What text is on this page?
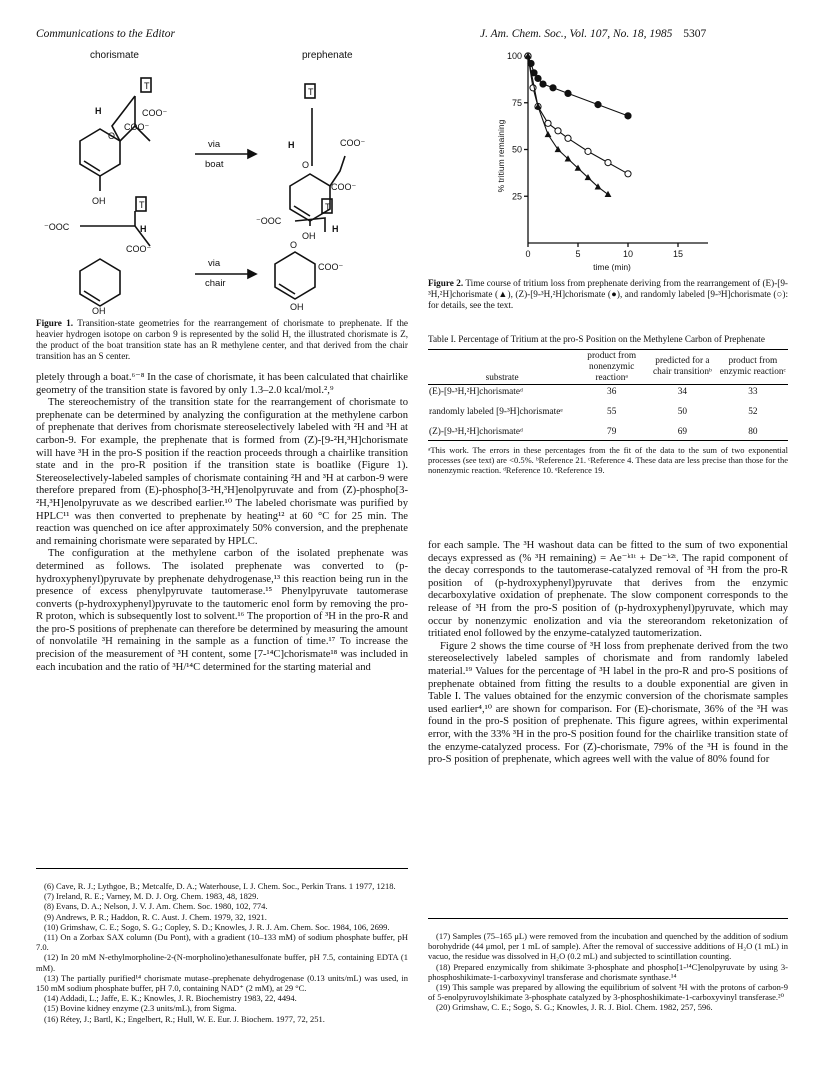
Communications to the Editor	J. Am. Chem. Soc., Vol. 107, No. 18, 1985 5307
chorismate	prephenate
T
H	COO⁻
COO⁻
O
OH
via
boat
T
H	COO⁻
COO⁻
O
OH
T
⁻OOC	H
COO⁻
OH
via
chair
T
⁻OOC
H
O
COO⁻
OH
Figure 1. Transition-state geometries for the rearrangement of chorismate to prephenate. If the heavier hydrogen isotope on carbon 9 is represented by the solid H, the illustrated chorismate is Z, the product of the boat transition state has an R methylene center, and that derived from the chair transition has an S center.

pletely through a boat.⁶⁻⁸ In the case of chorismate, it has been calculated that chairlike geometry of the transition state is favored by only 1.3–2.0 kcal/mol.²,⁹

The stereochemistry of the transition state for the rearrangement of chorismate to prephenate can be determined by analyzing the configuration at the methylene carbon of prephenate that derives from chorismate stereoselectively labeled with ²H and ³H at carbon-9. For example, the prephenate that is formed from (Z)-[9-²H,³H]chorismate will have ³H in the pro-S position if the reaction proceeds through a chairlike transition state and in the pro-R position if the transition state is boatlike (Figure 1). Stereoselectively-labeled samples of chorismate containing ²H and ³H at carbon-9 were therefore prepared from (E)-phospho[3-²H,³H]enolpyruvate and from (Z)-phospho[3-²H,³H]enolpyruvate as we described earlier.¹⁰ The labeled chorismate was purified by HPLC¹¹ was then converted to prephenate by heating¹² at 60 °C for 25 min. The reaction was quenched on ice after approximately 50% conversion, and the prephenate and remaining chorismate were separated by HPLC.

The configuration at the methylene carbon of the isolated prephenate was determined as follows. The isolated prephenate was converted to (p-hydroxyphenyl)pyruvate by prephenate dehydrogenase,¹³ this reaction being run in the presence of excess phenylpyruvate tautomerase.¹⁵ Phenylpyruvate tautomerase converts (p-hydroxyphenyl)pyruvate to the tautomeric enol form by removing the pro-R proton, which is subsequently lost to solvent.¹⁶ The proportion of ³H in the pro-R and the pro-S positions of prephenate can therefore be determined by measuring the amount of nonvolatile ³H remaining in the sample as a function of time.¹⁷ To increase the precision of the measurement of ³H content, some [7-¹⁴C]chorismate¹⁸ was included in each incubation and the ratio of ³H/¹⁴C determined for the starting material and

(6) Cave, R. J.; Lythgoe, B.; Metcalfe, D. A.; Waterhouse, I. J. Chem. Soc., Perkin Trans. 1 1977, 1218.

(7) Ireland, R. E.; Varney, M. D. J. Org. Chem. 1983, 48, 1829.

(8) Evans, D. A.; Nelson, J. V. J. Am. Chem. Soc. 1980, 102, 774.

(9) Andrews, P. R.; Haddon, R. C. Aust. J. Chem. 1979, 32, 1921.

(10) Grimshaw, C. E.; Sogo, S. G.; Copley, S. D.; Knowles, J. R. J. Am. Chem. Soc. 1984, 106, 2699.

(11) On a Zorbax SAX column (Du Pont), with a gradient (10–133 mM) of sodium phosphate buffer, pH 7.0.

(12) In 20 mM N-ethylmorpholine-2-(N-morpholino)ethanesulfonate buffer, pH 7.5, containing EDTA (1 mM).

(13) The partially purified¹⁴ chorismate mutase–prephenate dehydrogenase (0.13 units/mL) was used, in 150 mM sodium phosphate buffer, pH 7.0, containing NAD⁺ (2 mM), at 29 °C.

(14) Addadi, L.; Jaffe, E. K.; Knowles, J. R. Biochemistry 1983, 22, 4494.

(15) Bovine kidney enzyme (2.3 units/mL), from Sigma.

(16) Rétey, J.; Bartl, K.; Engelbert, R.; Hull, W. E. Eur. J. Biochem. 1977, 72, 251.

0	5	10	15
25
50
75
100
time (min)
% tritium remaining
Figure 2. Time course of tritium loss from prephenate deriving from the rearrangement of (E)-[9-³H,²H]chorismate (▲), (Z)-[9-³H,²H]chorismate (●), and randomly labeled [9-³H]chorismate (○): for details, see the text.
Table I. Percentage of Tritium at the pro-S Position on the Methylene Carbon of Prephenate
substrate	product from nonenzymic reactionᵃ	predicted for a chair transitionᵇ	product from enzymic reactionᶜ
(E)-[9-³H,²H]chorismateᵈ	36	34	33
randomly labeled [9-³H]chorismateᵉ	55	50	52
(Z)-[9-³H,²H]chorismateᵈ	79	69	80
ᵃThis work. The errors in these percentages from the fit of the data to the sum of two exponential processes (see text) are <0.5%. ᵇReference 21. ᶜReference 4. These data are less precise than those for the nonenzymic reaction. ᵈReference 10. ᵉReference 19.

for each sample. The ³H washout data can be fitted to the sum of two exponential decays expressed as (% ³H remaining) = Ae⁻ᵏ¹ᵗ + De⁻ᵏ²ᵗ. The rapid component of the decay corresponds to the tautomerase-catalyzed removal of ³H from the pro-R position of (p-hydroxyphenyl)pyruvate that derives from the enzymic decarboxylative oxidation of prephenate. The slow component corresponds to the release of ³H from the pro-S position of (p-hydroxyphenyl)pyruvate, which may occur by nonenzymic enolization and via the stereorandom reketonization of tritiated enol followed by the enzyme-catalyzed tautomerization.

Figure 2 shows the time course of ³H loss from prephenate derived from the two stereoselectively labeled samples of chorismate and from randomly labeled material.¹⁹ Values for the percentage of ³H label in the pro-R and pro-S positions of prephenate obtained from fitting the results to a double exponential are given in Table I. The values obtained for the enzymic conversion of the chorismate samples used earlier⁴,¹⁰ are shown for comparison. For (E)-chorismate, 36% of the ³H was found in the pro-S position of prephenate. This figure agrees, within experimental error, with the 33% ³H in the pro-S position found for the chairlike transition state of the enzyme-catalyzed process. For (Z)-chorismate, 79% of the ³H is found in the pro-S position of prephenate, which agrees well with the value of 80% found for

(17) Samples (75–165 μL) were removed from the incubation and quenched by the addition of sodium borohydride (44 μmol, per 1 mL of sample). After the removal of successive additions of H₂O (1 mL) in vacuo, the residue was dissolved in H₂O (0.2 mL) and subjected to scintillation counting.

(18) Prepared enzymically from shikimate 3-phosphate and phospho[1-¹⁴C]enolpyruvate by using 3-phosphoshikimate-1-carboxyvinyl transferase and chorismate synthase.¹⁴

(19) This sample was prepared by allowing the equilibrium of solvent ³H with the protons of carbon-9 of 5-enolpyruvoylshikimate 3-phosphate catalyzed by 3-phosphoshikimate-1-carboxyvinyl transferase.²⁰

(20) Grimshaw, C. E.; Sogo, S. G.; Knowles, J. R. J. Biol. Chem. 1982, 257, 596.
